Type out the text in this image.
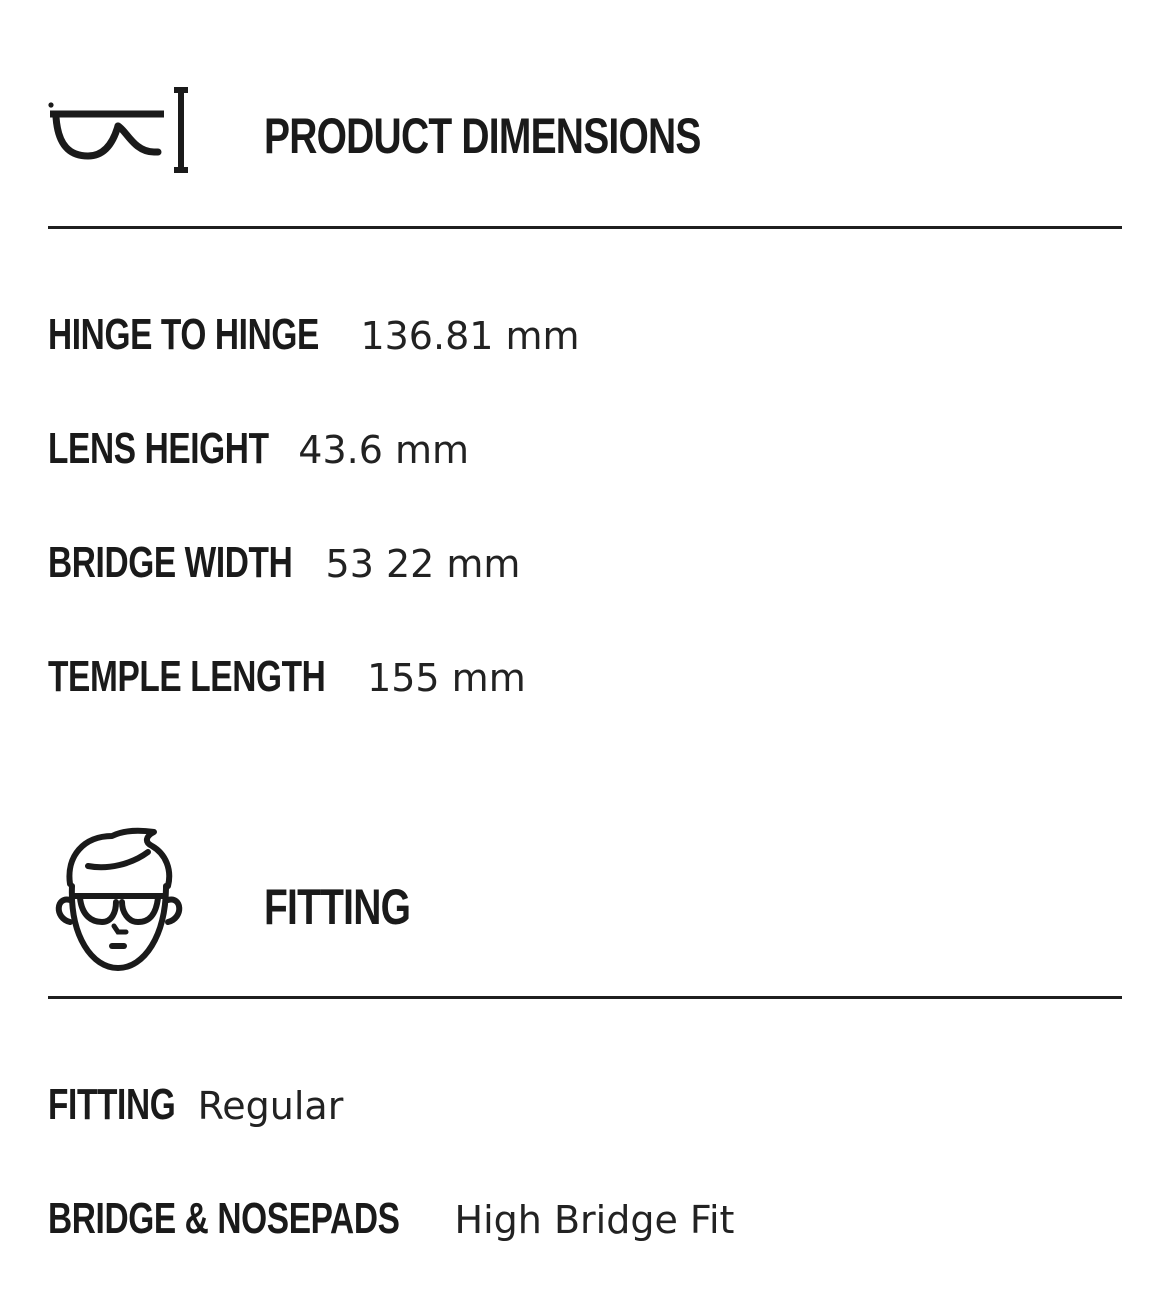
PRODUCT DIMENSIONS
HINGE TO HINGE 136.81 mm
LENS HEIGHT 43.6 mm
BRIDGE WIDTH 53 22 mm
TEMPLE LENGTH 155 mm
FITTING
FITTING Regular
BRIDGE & NOSEPADS High Bridge Fit
